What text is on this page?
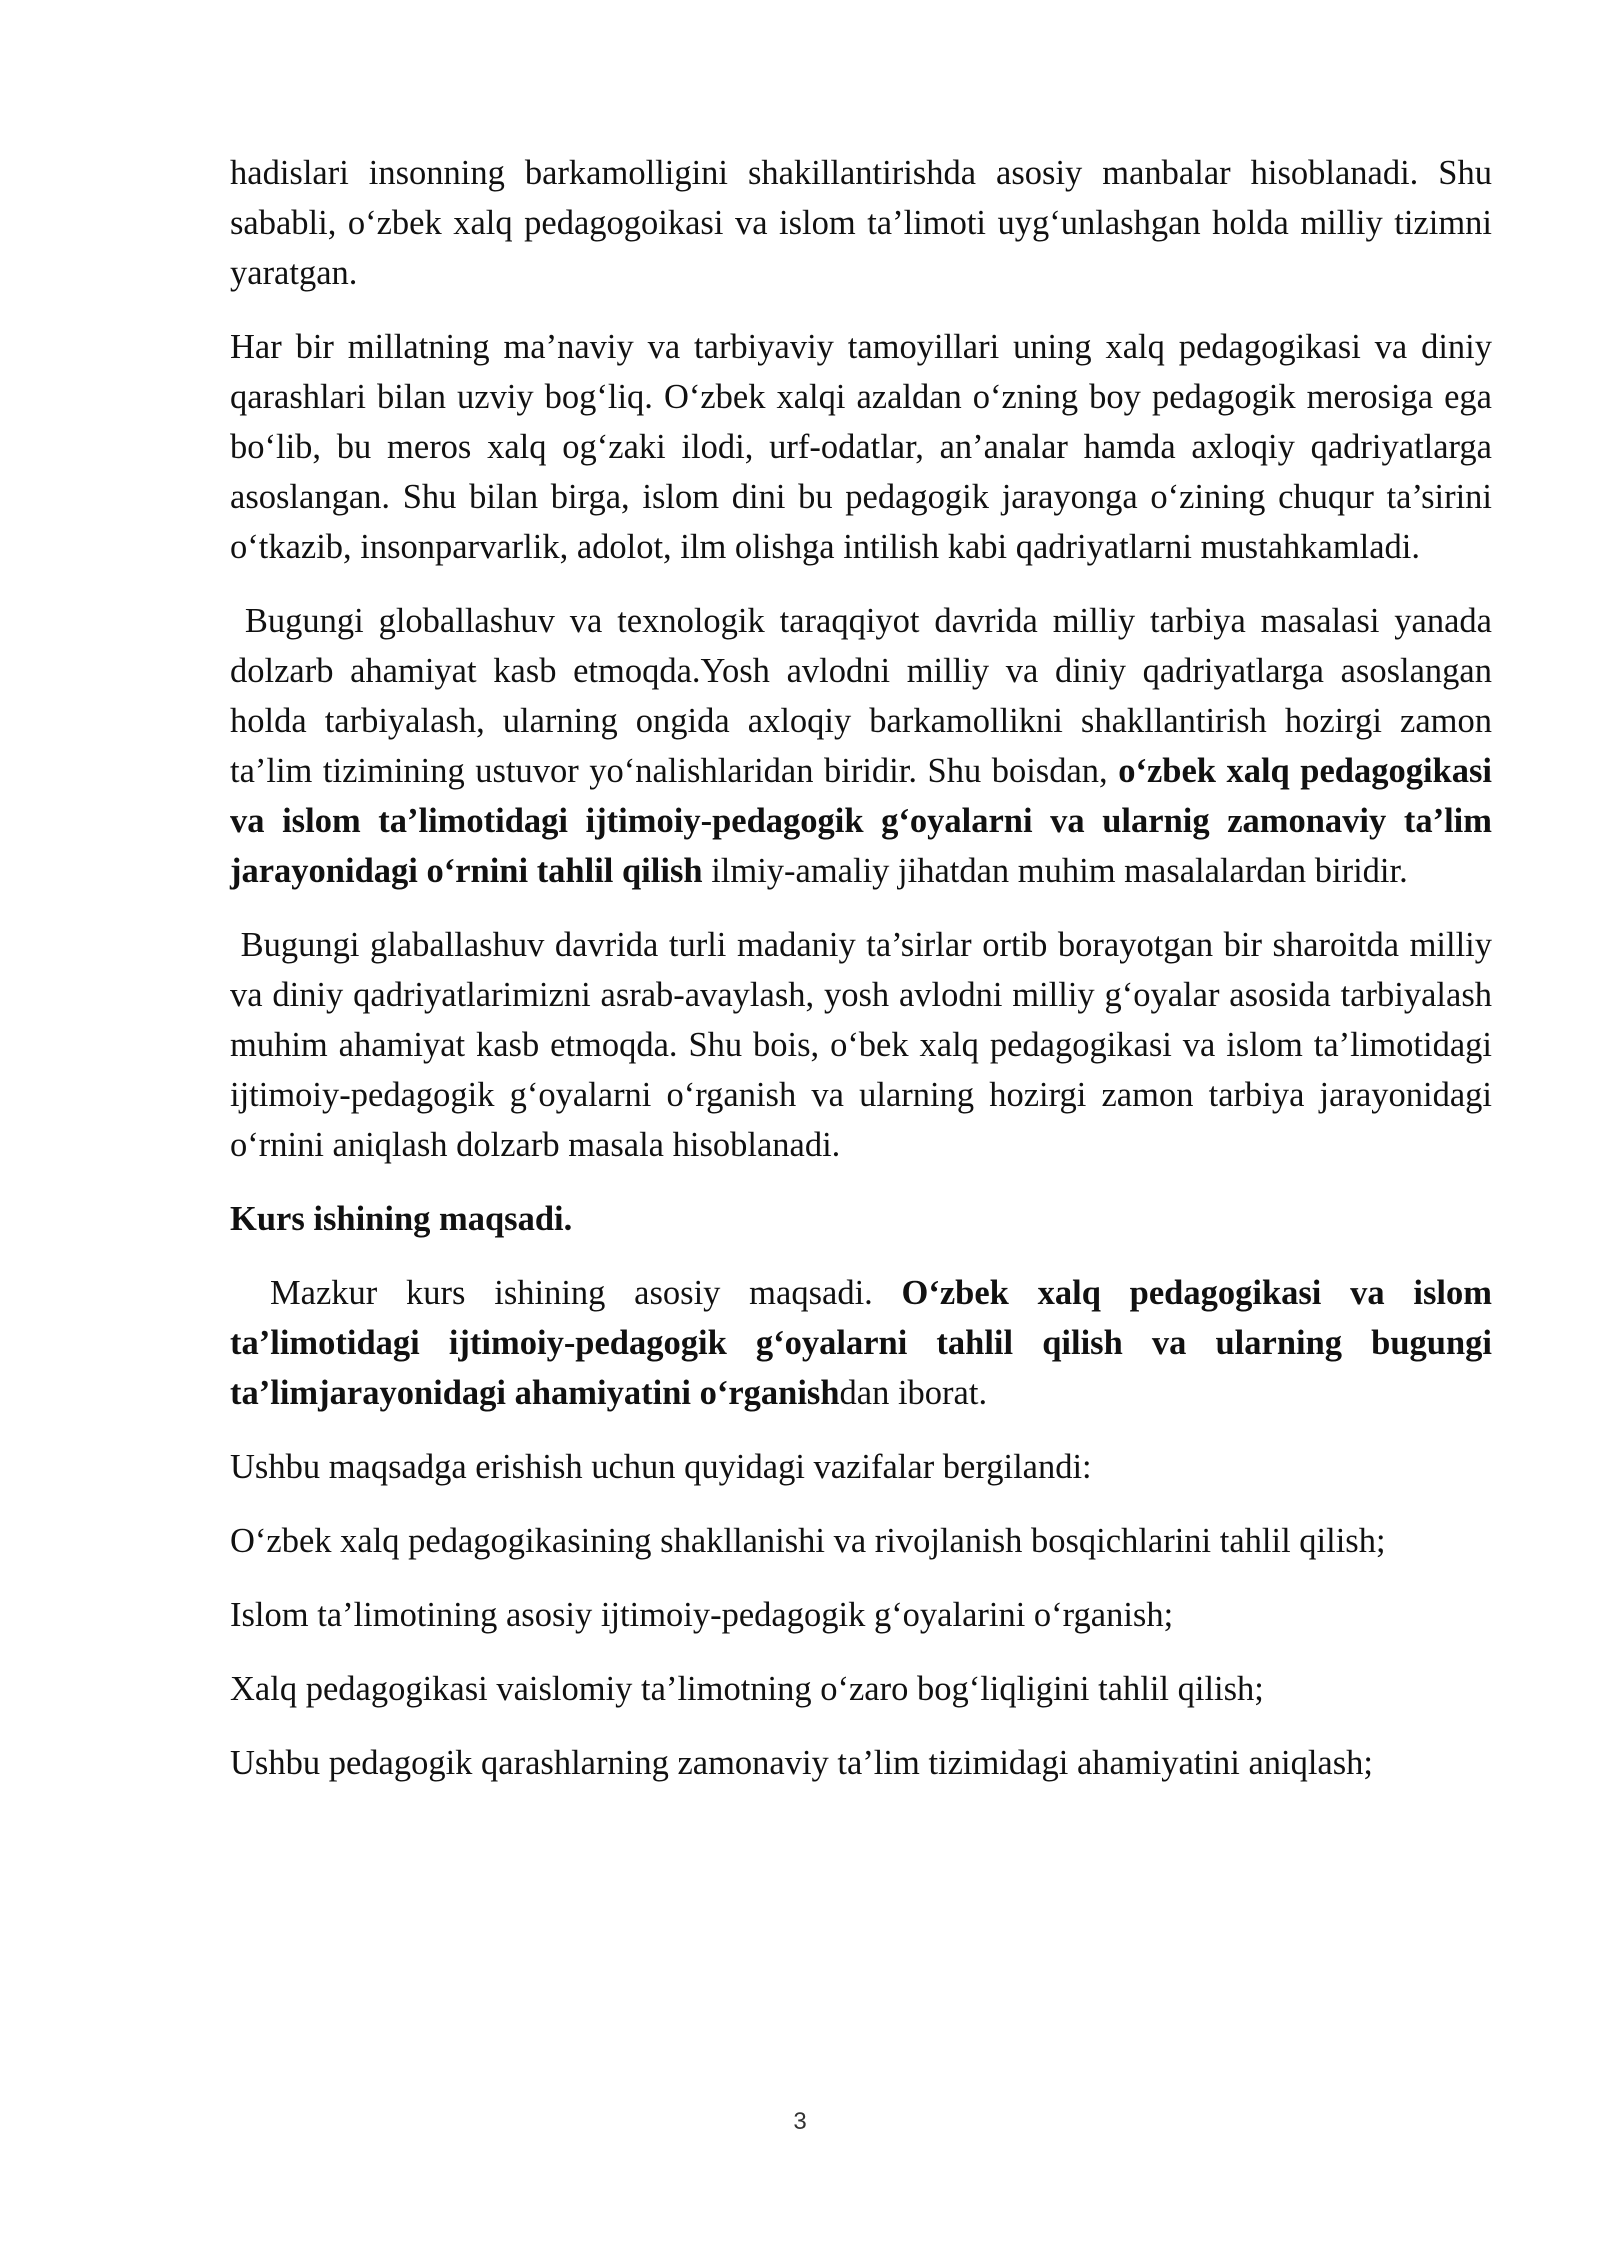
hadislari insonning barkamolligini shakillantirishda asosiy manbalar hisoblanadi. Shu sababli, o‘zbek xalq pedagogoikasi va islom ta’limoti uyg‘unlashgan holda milliy tizimni yaratgan.

Har bir millatning ma’naviy va tarbiyaviy tamoyillari uning xalq pedagogikasi va diniy qarashlari bilan uzviy bog‘liq. O‘zbek xalqi azaldan o‘zning boy pedagogik merosiga ega bo‘lib, bu meros xalq og‘zaki ilodi, urf-odatlar, an’analar hamda axloqiy qadriyatlarga asoslangan. Shu bilan birga, islom dini bu pedagogik jarayonga o‘zining chuqur ta’sirini o‘tkazib, insonparvarlik, adolot, ilm olishga intilish kabi qadriyatlarni mustahkamladi.

Bugungi globallashuv va texnologik taraqqiyot davrida milliy tarbiya masalasi yanada dolzarb ahamiyat kasb etmoqda.Yosh avlodni milliy va diniy qadriyatlarga asoslangan holda tarbiyalash, ularning ongida axloqiy barkamollikni shakllantirish hozirgi zamon ta’lim tizimining ustuvor yo‘nalishlaridan biridir. Shu boisdan, o‘zbek xalq pedagogikasi va islom ta’limotidagi ijtimoiy-pedagogik g‘oyalarni va ularnig zamonaviy ta’lim jarayonidagi o‘rnini tahlil qilish ilmiy-amaliy jihatdan muhim masalalardan biridir.

Bugungi glaballashuv davrida turli madaniy ta’sirlar ortib borayotgan bir sharoitda milliy va diniy qadriyatlarimizni asrab-avaylash, yosh avlodni milliy g‘oyalar asosida tarbiyalash muhim ahamiyat kasb etmoqda. Shu bois, o‘bek xalq pedagogikasi va islom ta’limotidagi ijtimoiy-pedagogik g‘oyalarni o‘rganish va ularning hozirgi zamon tarbiya jarayonidagi o‘rnini aniqlash dolzarb masala hisoblanadi.

Kurs ishining maqsadi.

Mazkur kurs ishining asosiy maqsadi. O‘zbek xalq pedagogikasi va islom ta’limotidagi ijtimoiy-pedagogik g‘oyalarni tahlil qilish va ularning bugungi ta’limjarayonidagi ahamiyatini o‘rganishdan iborat.

Ushbu maqsadga erishish uchun quyidagi vazifalar bergilandi:

O‘zbek xalq pedagogikasining shakllanishi va rivojlanish bosqichlarini tahlil qilish;

Islom ta’limotining asosiy ijtimoiy-pedagogik g‘oyalarini o‘rganish;

Xalq pedagogikasi vaislomiy ta’limotning o‘zaro bog‘liqligini tahlil qilish;

Ushbu pedagogik qarashlarning zamonaviy ta’lim tizimidagi ahamiyatini aniqlash;

3
